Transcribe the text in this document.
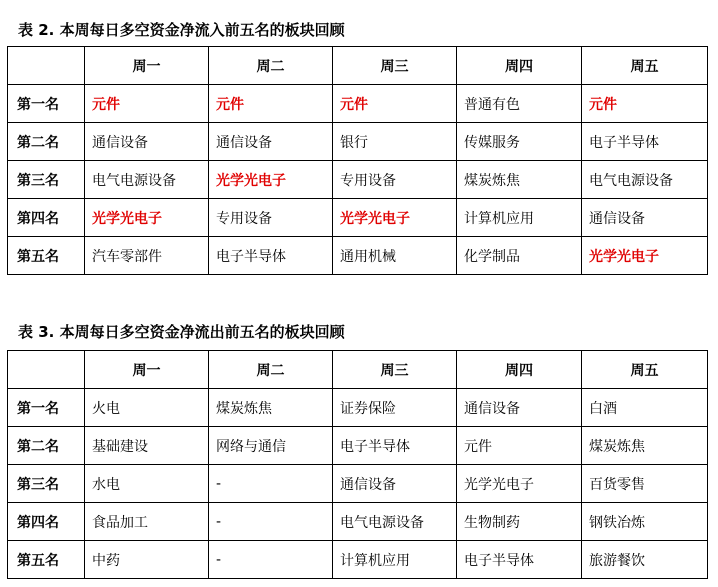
表 2. 本周每日多空资金净流入前五名的板块回顾
	周一	周二	周三	周四	周五
第一名	元件	元件	元件	普通有色	元件
第二名	通信设备	通信设备	银行	传媒服务	电子半导体
第三名	电气电源设备	光学光电子	专用设备	煤炭炼焦	电气电源设备
第四名	光学光电子	专用设备	光学光电子	计算机应用	通信设备
第五名	汽车零部件	电子半导体	通用机械	化学制品	光学光电子
表 3. 本周每日多空资金净流出前五名的板块回顾
	周一	周二	周三	周四	周五
第一名	火电	煤炭炼焦	证券保险	通信设备	白酒
第二名	基础建设	网络与通信	电子半导体	元件	煤炭炼焦
第三名	水电	-	通信设备	光学光电子	百货零售
第四名	食品加工	-	电气电源设备	生物制药	钢铁冶炼
第五名	中药	-	计算机应用	电子半导体	旅游餐饮
